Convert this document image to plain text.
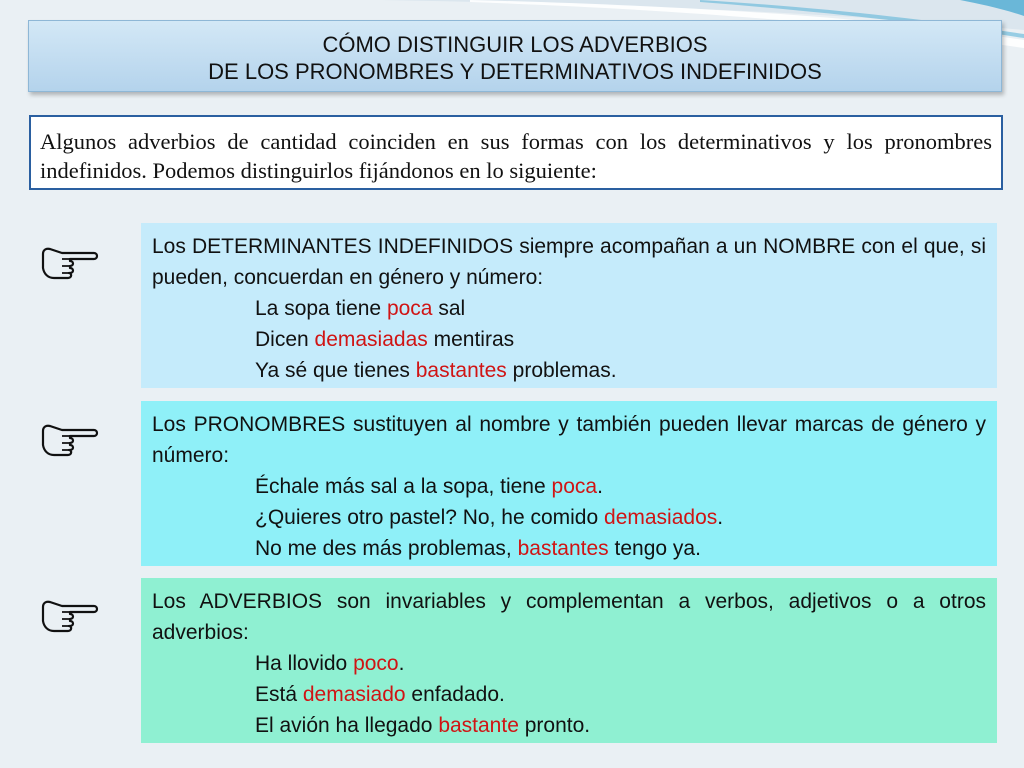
CÓMO DISTINGUIR LOS ADVERBIOS
DE LOS PRONOMBRES Y DETERMINATIVOS INDEFINIDOS
Algunos adverbios de cantidad coinciden en sus formas con los determinativos y los pronombres indefinidos. Podemos distinguirlos fijándonos en lo siguiente:
Los DETERMINANTES INDEFINIDOS siempre acompañan a un NOMBRE con el que, si pueden, concuerdan en género y número:
La sopa tiene poca sal
Dicen demasiadas mentiras
Ya sé que tienes bastantes problemas.
Los PRONOMBRES sustituyen al nombre y también pueden llevar marcas de género y número:
Échale más sal a la sopa, tiene poca.
¿Quieres otro pastel? No, he comido demasiados.
No me des más problemas, bastantes tengo ya.
Los ADVERBIOS son invariables y complementan a verbos, adjetivos o a otros adverbios:
Ha llovido poco.
Está demasiado enfadado.
El avión ha llegado bastante pronto.
